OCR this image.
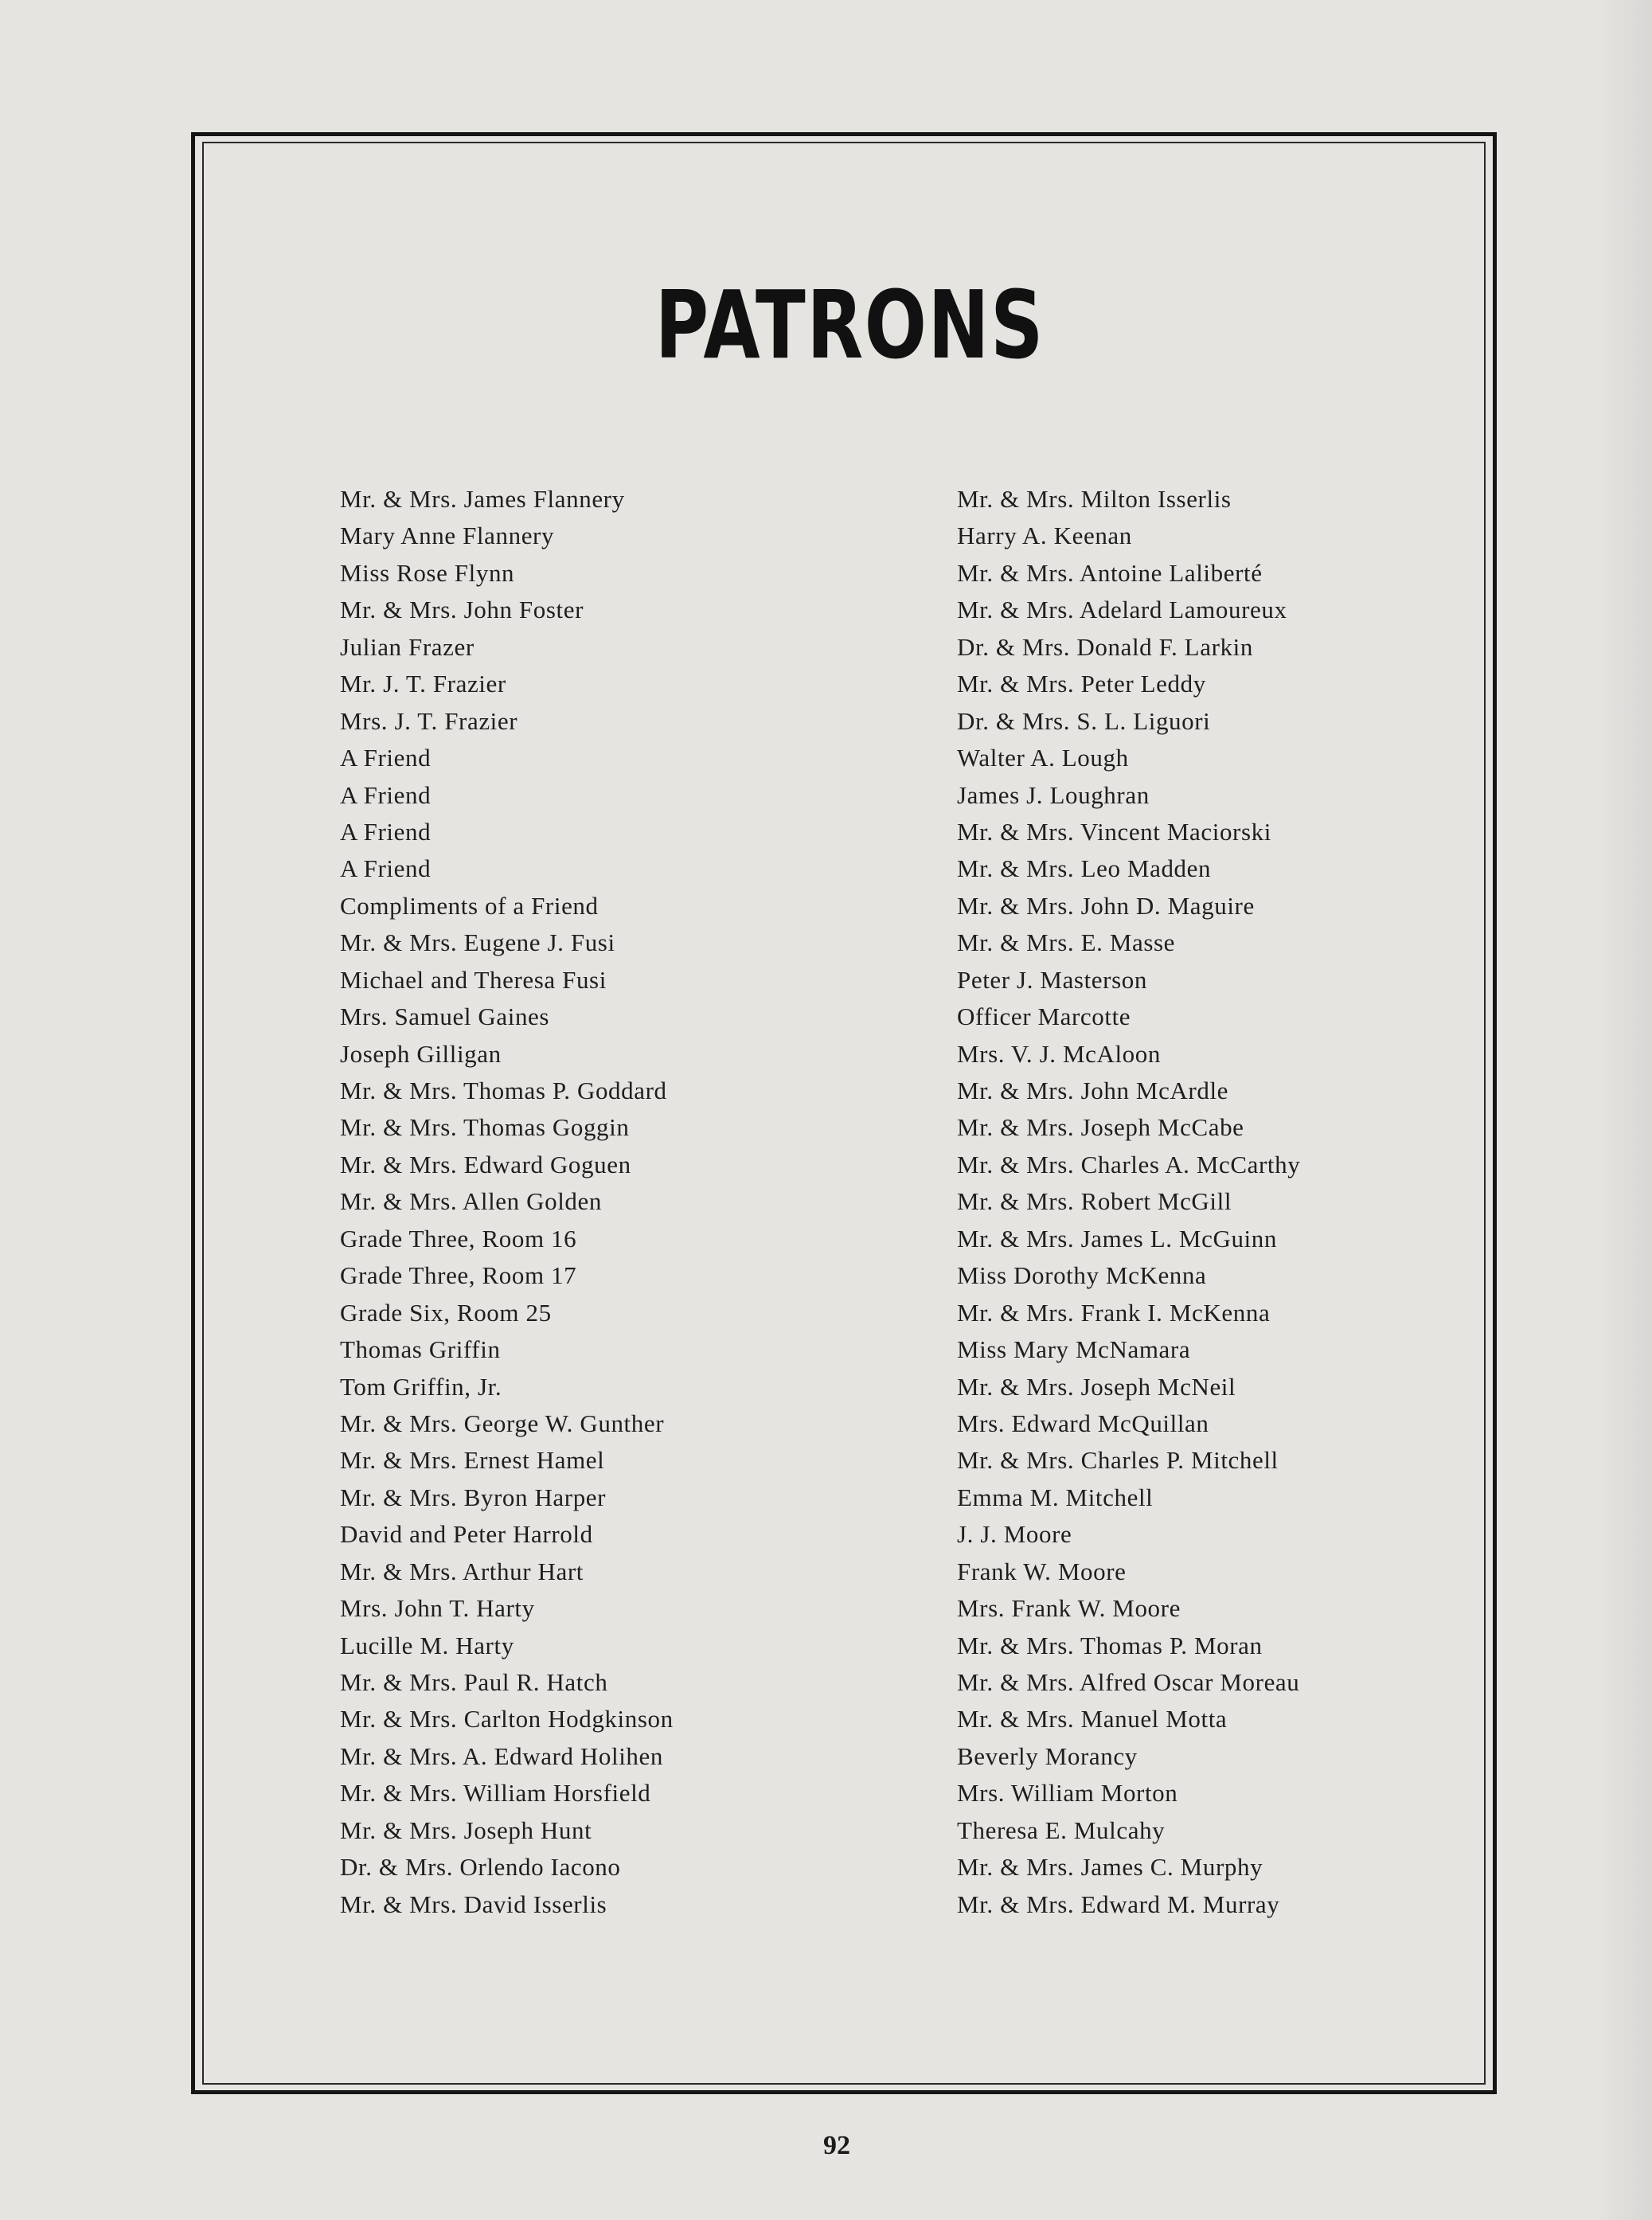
PATRONS
Mr. & Mrs. James Flannery
Mary Anne Flannery
Miss Rose Flynn
Mr. & Mrs. John Foster
Julian Frazer
Mr. J. T. Frazier
Mrs. J. T. Frazier
A Friend
A Friend
A Friend
A Friend
Compliments of a Friend
Mr. & Mrs. Eugene J. Fusi
Michael and Theresa Fusi
Mrs. Samuel Gaines
Joseph Gilligan
Mr. & Mrs. Thomas P. Goddard
Mr. & Mrs. Thomas Goggin
Mr. & Mrs. Edward Goguen
Mr. & Mrs. Allen Golden
Grade Three, Room 16
Grade Three, Room 17
Grade Six, Room 25
Thomas Griffin
Tom Griffin, Jr.
Mr. & Mrs. George W. Gunther
Mr. & Mrs. Ernest Hamel
Mr. & Mrs. Byron Harper
David and Peter Harrold
Mr. & Mrs. Arthur Hart
Mrs. John T. Harty
Lucille M. Harty
Mr. & Mrs. Paul R. Hatch
Mr. & Mrs. Carlton Hodgkinson
Mr. & Mrs. A. Edward Holihen
Mr. & Mrs. William Horsfield
Mr. & Mrs. Joseph Hunt
Dr. & Mrs. Orlendo Iacono
Mr. & Mrs. David Isserlis
Mr. & Mrs. Milton Isserlis
Harry A. Keenan
Mr. & Mrs. Antoine Laliberté
Mr. & Mrs. Adelard Lamoureux
Dr. & Mrs. Donald F. Larkin
Mr. & Mrs. Peter Leddy
Dr. & Mrs. S. L. Liguori
Walter A. Lough
James J. Loughran
Mr. & Mrs. Vincent Maciorski
Mr. & Mrs. Leo Madden
Mr. & Mrs. John D. Maguire
Mr. & Mrs. E. Masse
Peter J. Masterson
Officer Marcotte
Mrs. V. J. McAloon
Mr. & Mrs. John McArdle
Mr. & Mrs. Joseph McCabe
Mr. & Mrs. Charles A. McCarthy
Mr. & Mrs. Robert McGill
Mr. & Mrs. James L. McGuinn
Miss Dorothy McKenna
Mr. & Mrs. Frank I. McKenna
Miss Mary McNamara
Mr. & Mrs. Joseph McNeil
Mrs. Edward McQuillan
Mr. & Mrs. Charles P. Mitchell
Emma M. Mitchell
J. J. Moore
Frank W. Moore
Mrs. Frank W. Moore
Mr. & Mrs. Thomas P. Moran
Mr. & Mrs. Alfred Oscar Moreau
Mr. & Mrs. Manuel Motta
Beverly Morancy
Mrs. William Morton
Theresa E. Mulcahy
Mr. & Mrs. James C. Murphy
Mr. & Mrs. Edward M. Murray
92
